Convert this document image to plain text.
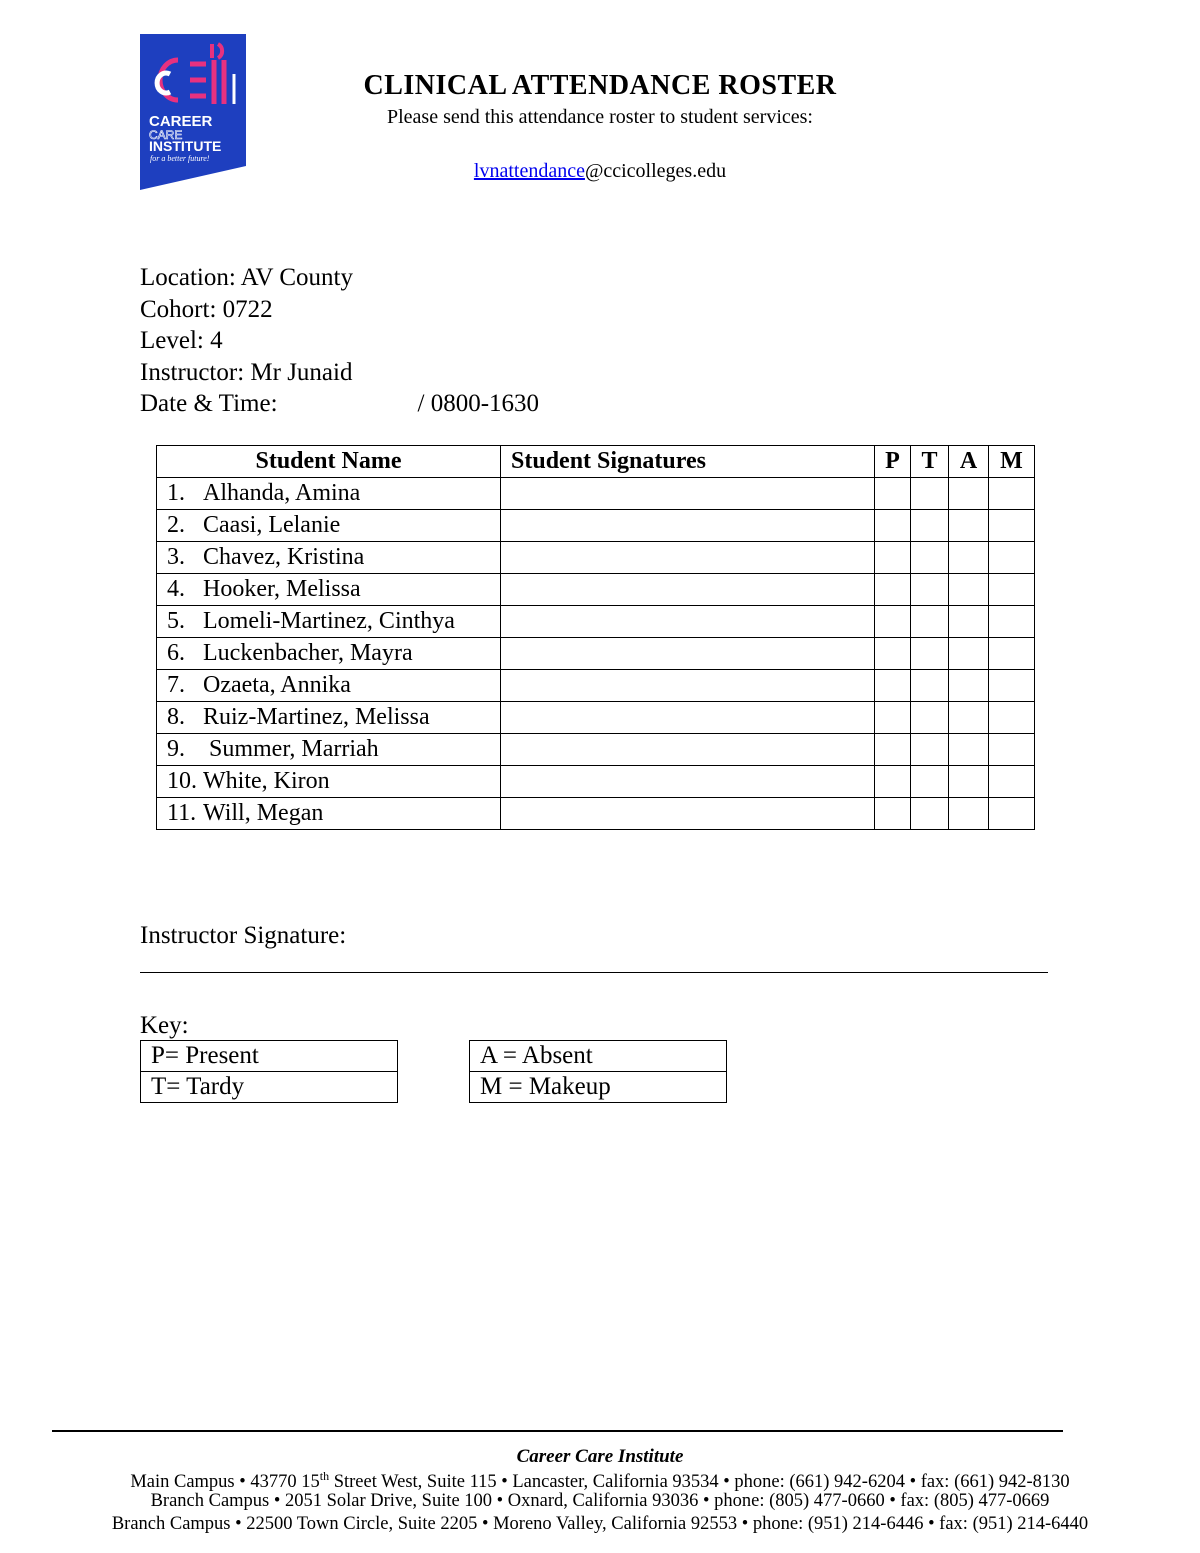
CAREER
CARE
INSTITUTE
for a better future!
CLINICAL ATTENDANCE ROSTER
Please send this attendance roster to student services:
lvnattendance@ccicolleges.edu
Location: AV County
Cohort: 0722
Level: 4
Instructor: Mr Junaid
Date & Time:	/ 0800-1630
Student Name	Student Signatures	P	T	A	M
1. Alhanda, Amina					
2. Caasi, Lelanie					
3. Chavez, Kristina					
4. Hooker, Melissa					
5. Lomeli-Martinez, Cinthya					
6. Luckenbacher, Mayra					
7. Ozaeta, Annika					
8. Ruiz-Martinez, Melissa					
9. Summer, Marriah					
10. White, Kiron					
11. Will, Megan					
Instructor Signature:
Key:
P= Present
T= Tardy
A = Absent
M = Makeup
Career Care Institute
Main Campus • 43770 15th Street West, Suite 115 • Lancaster, California 93534 • phone: (661) 942-6204 • fax: (661) 942-8130
Branch Campus • 2051 Solar Drive, Suite 100 • Oxnard, California 93036 • phone: (805) 477-0660 • fax: (805) 477-0669
Branch Campus • 22500 Town Circle, Suite 2205 • Moreno Valley, California 92553 • phone: (951) 214-6446 • fax: (951) 214-6440
